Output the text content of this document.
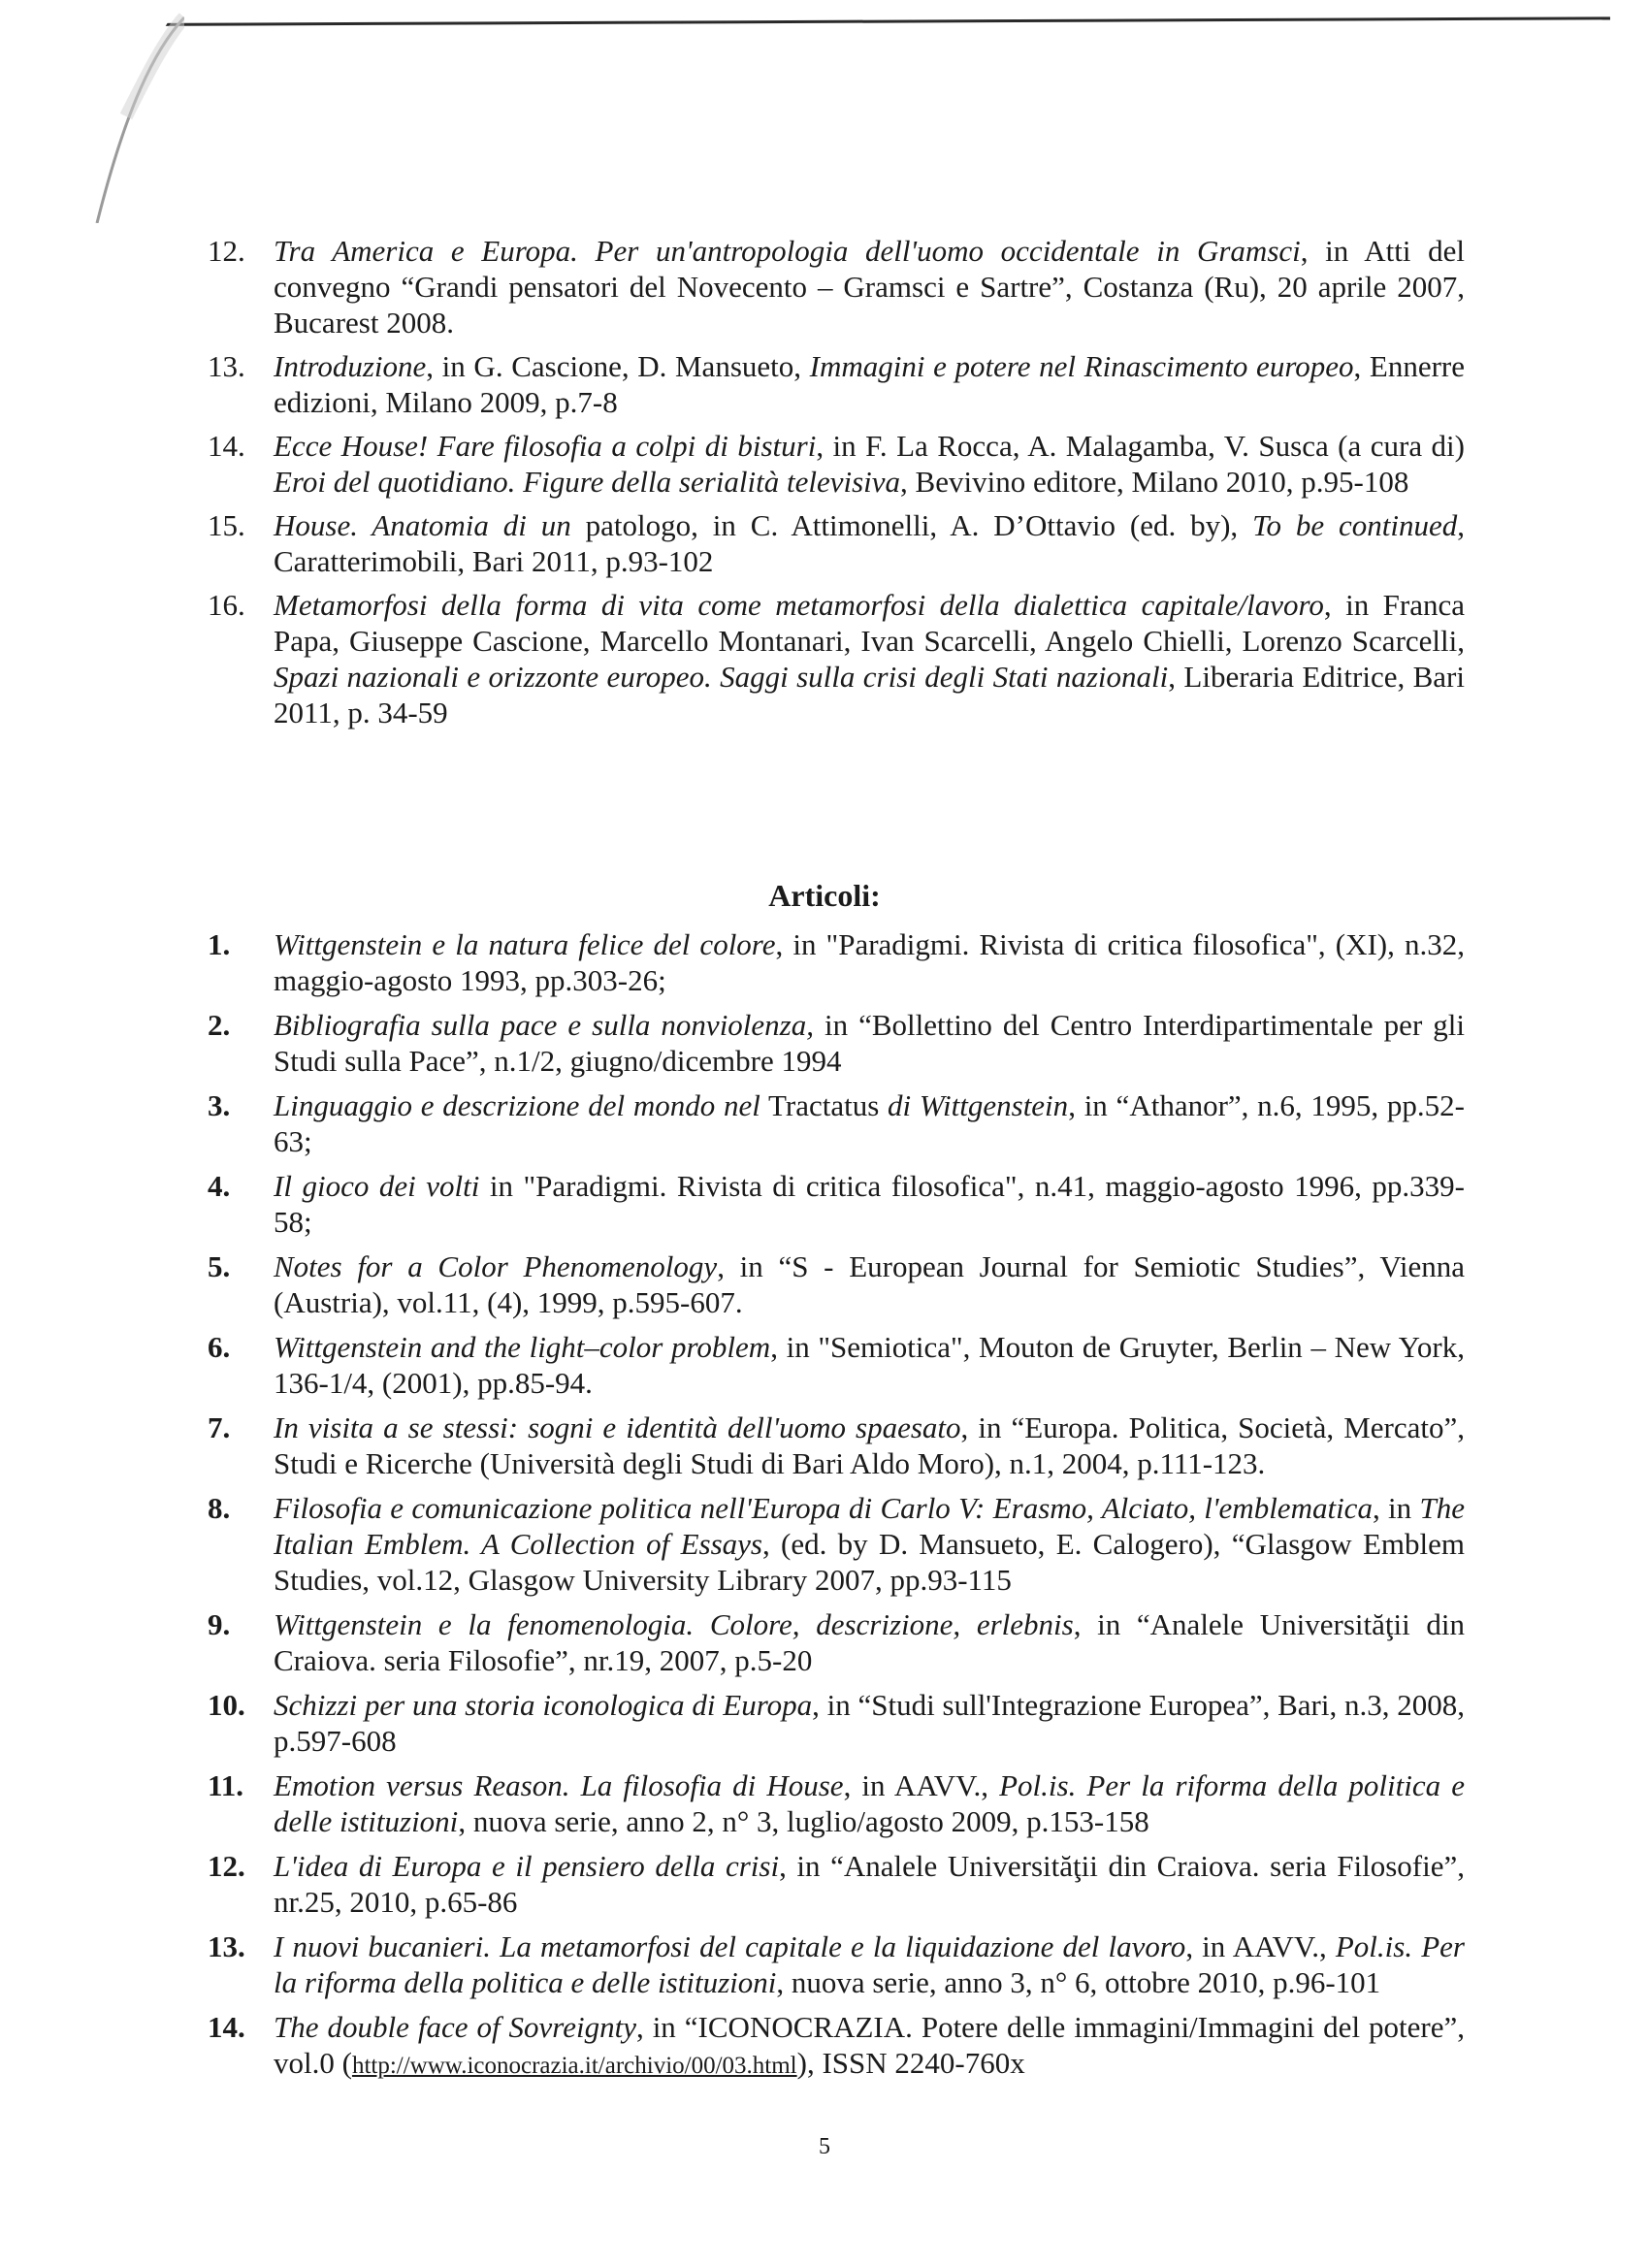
12. Tra America e Europa. Per un'antropologia dell'uomo occidentale in Gramsci, in Atti del convegno “Grandi pensatori del Novecento – Gramsci e Sartre”, Costanza (Ru), 20 aprile 2007, Bucarest 2008.
13. Introduzione, in G. Cascione, D. Mansueto, Immagini e potere nel Rinascimento europeo, Ennerre edizioni, Milano 2009, p.7-8
14. Ecce House! Fare filosofia a colpi di bisturi, in F. La Rocca, A. Malagamba, V. Susca (a cura di) Eroi del quotidiano. Figure della serialità televisiva, Bevivino editore, Milano 2010, p.95-108
15. House. Anatomia di un patologo, in C. Attimonelli, A. D’Ottavio (ed. by), To be continued, Caratterimobili, Bari 2011, p.93-102
16. Metamorfosi della forma di vita come metamorfosi della dialettica capitale/lavoro, in Franca Papa, Giuseppe Cascione, Marcello Montanari, Ivan Scarcelli, Angelo Chielli, Lorenzo Scarcelli, Spazi nazionali e orizzonte europeo. Saggi sulla crisi degli Stati nazionali, Liberaria Editrice, Bari 2011, p. 34-59
Articoli:
1.	Wittgenstein e la natura felice del colore, in "Paradigmi. Rivista di critica filosofica", (XI), n.32, maggio-agosto 1993, pp.303-26;
2.	Bibliografia sulla pace e sulla nonviolenza, in “Bollettino del Centro Interdipartimentale per gli Studi sulla Pace”, n.1/2, giugno/dicembre 1994
3.	Linguaggio e descrizione del mondo nel Tractatus di Wittgenstein, in “Athanor”, n.6, 1995, pp.52-63;
4.	Il gioco dei volti in "Paradigmi. Rivista di critica filosofica", n.41, maggio-agosto 1996, pp.339-58;
5.	Notes for a Color Phenomenology, in “S - European Journal for Semiotic Studies”, Vienna (Austria), vol.11, (4), 1999, p.595-607.
6.	Wittgenstein and the light–color problem, in "Semiotica", Mouton de Gruyter, Berlin – New York, 136-1/4, (2001), pp.85-94.
7.	In visita a se stessi: sogni e identità dell'uomo spaesato, in “Europa. Politica, Società, Mercato”, Studi e Ricerche (Università degli Studi di Bari Aldo Moro), n.1, 2004, p.111-123.
8.	Filosofia e comunicazione politica nell'Europa di Carlo V: Erasmo, Alciato, l'emblematica, in The Italian Emblem. A Collection of Essays, (ed. by D. Mansueto, E. Calogero), “Glasgow Emblem Studies, vol.12, Glasgow University Library 2007, pp.93-115
9.	Wittgenstein e la fenomenologia. Colore, descrizione, erlebnis, in “Analele Universităţii din Craiova. seria Filosofie”, nr.19, 2007, p.5-20
10. Schizzi per una storia iconologica di Europa, in “Studi sull'Integrazione Europea”, Bari, n.3, 2008, p.597-608
11. Emotion versus Reason. La filosofia di House, in AAVV., Pol.is. Per la riforma della politica e delle istituzioni, nuova serie, anno 2, n° 3, luglio/agosto 2009, p.153-158
12. L'idea di Europa e il pensiero della crisi, in “Analele Universităţii din Craiova. seria Filosofie”, nr.25, 2010, p.65-86
13. I nuovi bucanieri. La metamorfosi del capitale e la liquidazione del lavoro, in AAVV., Pol.is. Per la riforma della politica e delle istituzioni, nuova serie, anno 3, n° 6, ottobre 2010, p.96-101
14. The double face of Sovreignty, in “ICONOCRAZIA. Potere delle immagini/Immagini del potere”, vol.0 (http://www.iconocrazia.it/archivio/00/03.html), ISSN 2240-760x
5
